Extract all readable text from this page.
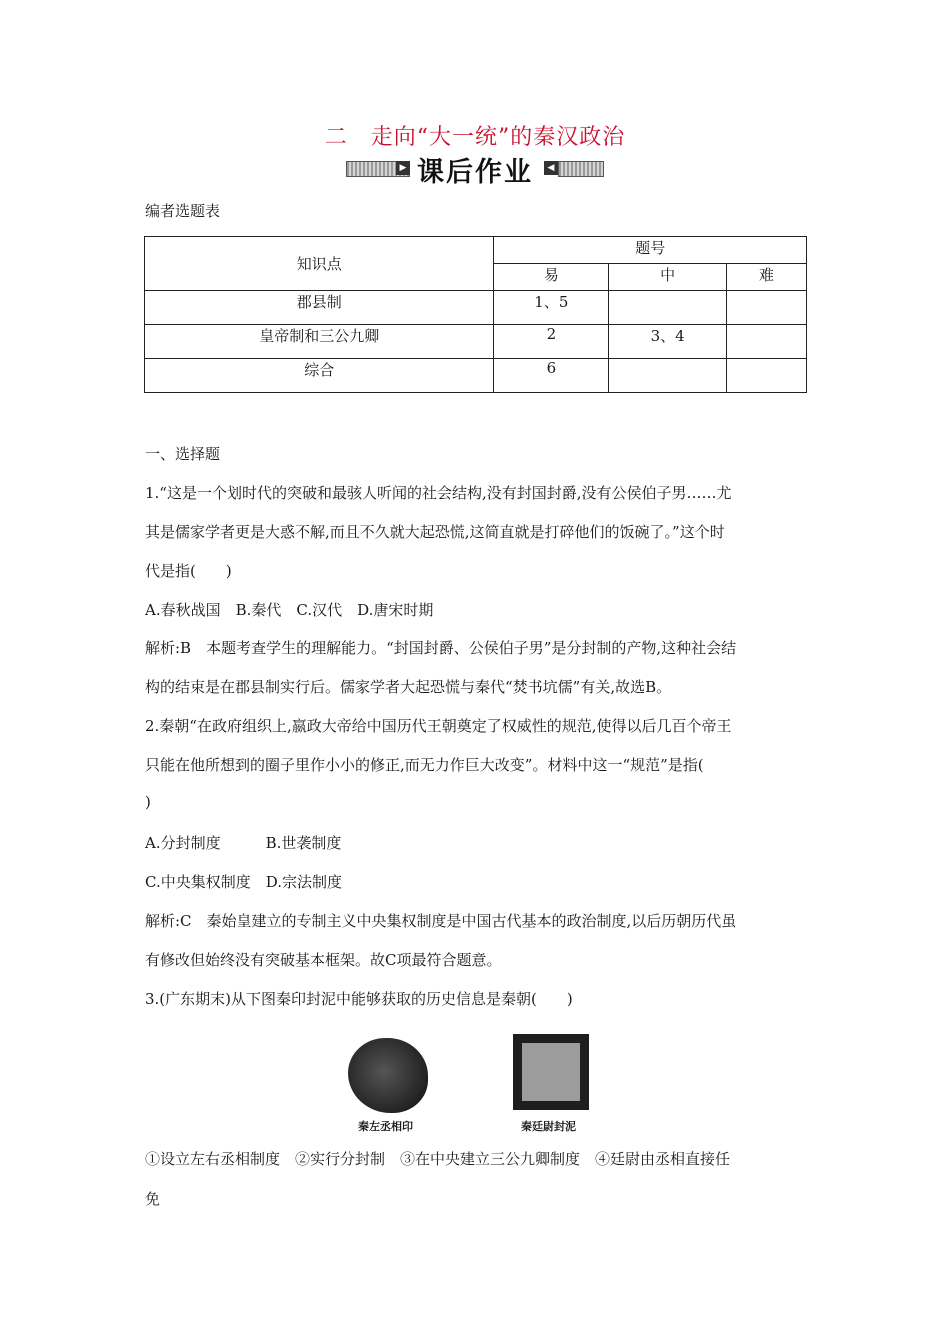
二　走向“大一统”的秦汉政治
▶ 课后作业	◀
编者选题表
知识点	题号		
	易	中	难
郡县制	1、5		
皇帝制和三公九卿	2	3、4	
综合	6		
一、选择题
1.“这是一个划时代的突破和最骇人听闻的社会结构,没有封国封爵,没有公侯伯子男……尤
其是儒家学者更是大惑不解,而且不久就大起恐慌,这简直就是打碎他们的饭碗了。”这个时
代是指(　　)
A.春秋战国　B.秦代　C.汉代　D.唐宋时期
解析:B　本题考查学生的理解能力。“封国封爵、公侯伯子男”是分封制的产物,这种社会结
构的结束是在郡县制实行后。儒家学者大起恐慌与秦代“焚书坑儒”有关,故选B。
2.秦朝“在政府组织上,嬴政大帝给中国历代王朝奠定了权威性的规范,使得以后几百个帝王
只能在他所想到的圈子里作小小的修正,而无力作巨大改变”。材料中这一“规范”是指(
)
A.分封制度　　　B.世袭制度
C.中央集权制度　D.宗法制度
解析:C　秦始皇建立的专制主义中央集权制度是中国古代基本的政治制度,以后历朝历代虽
有修改但始终没有突破基本框架。故C项最符合题意。
3.(广东期末)从下图秦印封泥中能够获取的历史信息是秦朝(　　)
①设立左右丞相制度　②实行分封制　③在中央建立三公九卿制度　④廷尉由丞相直接任
免
秦左丞相印	秦廷尉封泥
